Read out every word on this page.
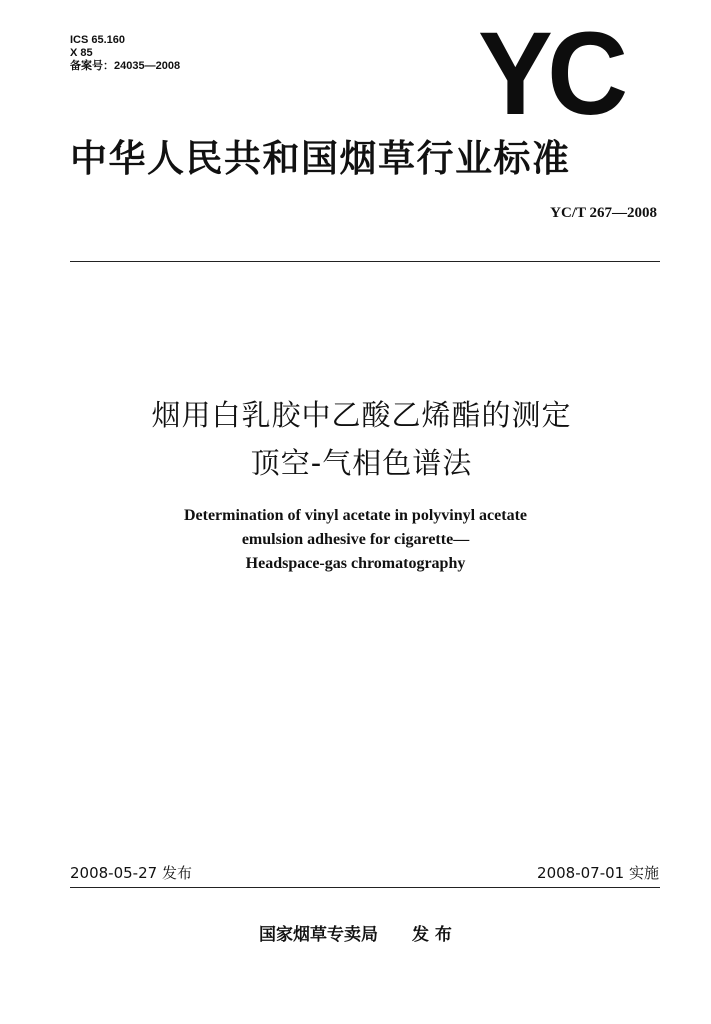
ICS 65.160
X 85
备案号：24035—2008	YC
中华人民共和国烟草行业标准
YC/T 267—2008
烟用白乳胶中乙酸乙烯酯的测定
顶空-气相色谱法
Determination of vinyl acetate in polyvinyl acetate
emulsion adhesive for cigarette—
Headspace-gas chromatography
2008-05-27 发布	2008-07-01 实施
国家烟草专卖局 发 布
